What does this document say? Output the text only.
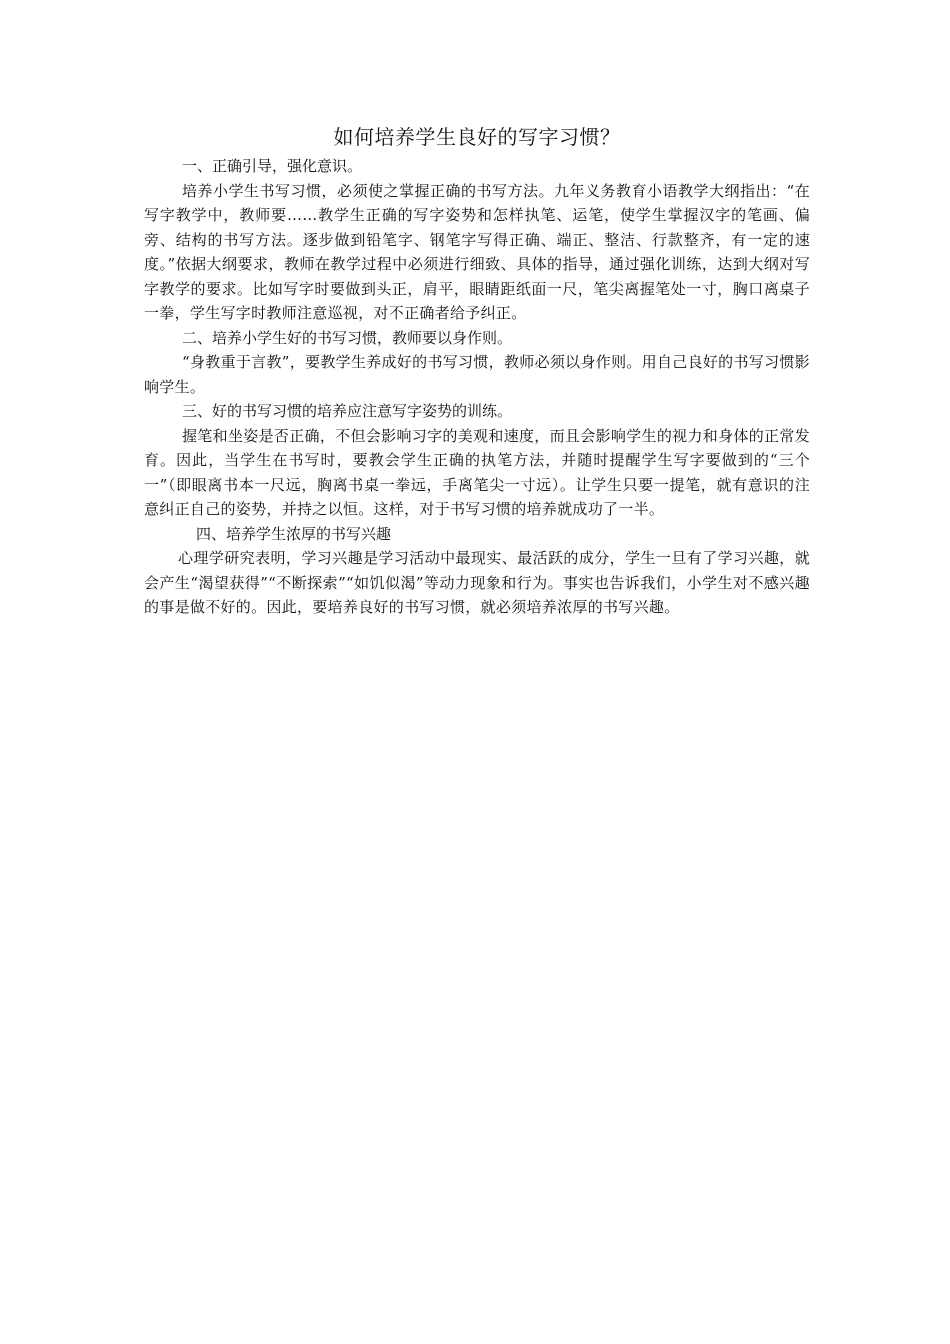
如何培养学生良好的写字习惯？

一、正确引导，强化意识。

培养小学生书写习惯，必须使之掌握正确的书写方法。九年义务教育小语教学大纲指出：“在写字教学中，教师要……教学生正确的写字姿势和怎样执笔、运笔，使学生掌握汉字的笔画、偏旁、结构的书写方法。逐步做到铅笔字、钢笔字写得正确、端正、整洁、行款整齐，有一定的速度。”依据大纲要求，教师在教学过程中必须进行细致、具体的指导，通过强化训练，达到大纲对写字教学的要求。比如写字时要做到头正，肩平，眼睛距纸面一尺，笔尖离握笔处一寸，胸口离桌子一拳，学生写字时教师注意巡视，对不正确者给予纠正。

二、培养小学生好的书写习惯，教师要以身作则。

“身教重于言教”，要教学生养成好的书写习惯，教师必须以身作则。用自己良好的书写习惯影响学生。

三、好的书写习惯的培养应注意写字姿势的训练。

握笔和坐姿是否正确，不但会影响习字的美观和速度，而且会影响学生的视力和身体的正常发育。因此，当学生在书写时，要教会学生正确的执笔方法，并随时提醒学生写字要做到的“三个一”（即眼离书本一尺远，胸离书桌一拳远，手离笔尖一寸远）。让学生只要一提笔，就有意识的注意纠正自己的姿势，并持之以恒。这样，对于书写习惯的培养就成功了一半。

四、培养学生浓厚的书写兴趣

心理学研究表明，学习兴趣是学习活动中最现实、最活跃的成分，学生一旦有了学习兴趣，就会产生“渴望获得”“不断探索”“如饥似渴”等动力现象和行为。事实也告诉我们，小学生对不感兴趣的事是做不好的。因此，要培养良好的书写习惯，就必须培养浓厚的书写兴趣。
